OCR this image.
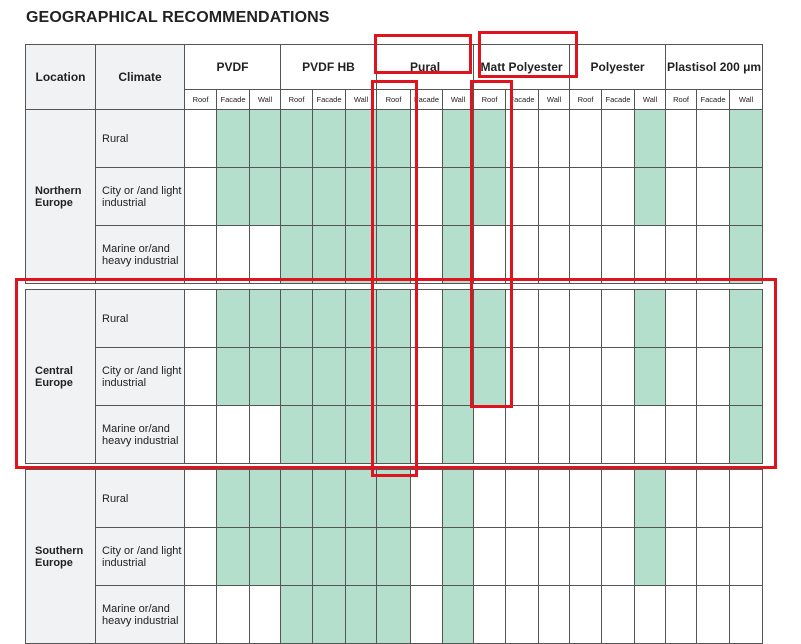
GEOGRAPHICAL RECOMMENDATIONS
Location	Climate	PVDF			PVDF HB			Pural			Matt Polyester			Polyester			Plastisol 200 μm		
		Roof	Facade	Wall	Roof	Facade	Wall	Roof	Facade	Wall	Roof	Facade	Wall	Roof	Facade	Wall	Roof	Facade	Wall
Northern Europe	Rural																		
	City or /and light industrial																		
	Marine or/and heavy industrial																		

Central Europe	Rural																		
	City or /and light industrial																		
	Marine or/and heavy industrial																		

Southern Europe	Rural																		
	City or /and light industrial																		
	Marine or/and heavy industrial																		
